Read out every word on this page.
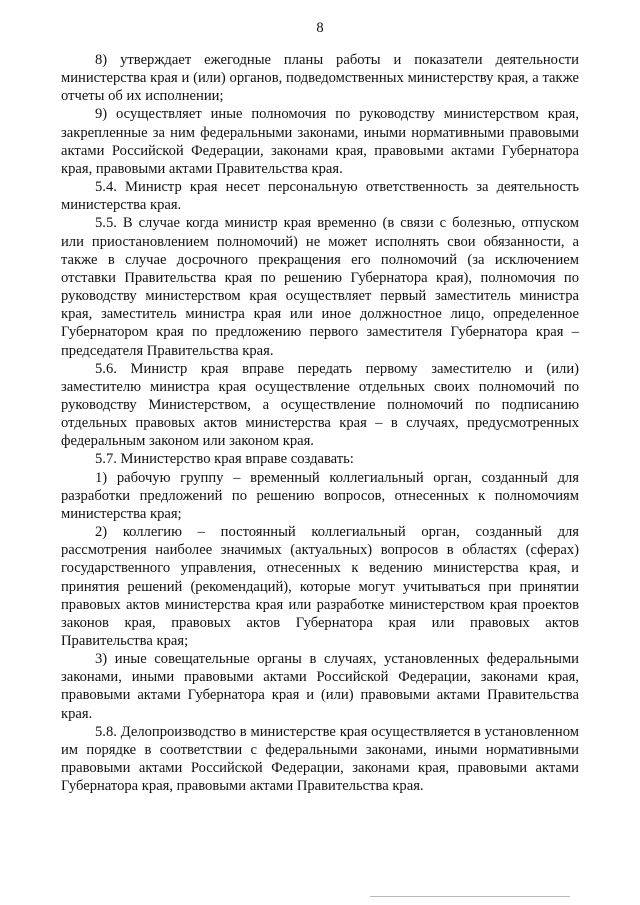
8

8) утверждает ежегодные планы работы и показатели деятельности министерства края и (или) органов, подведомственных министерству края, а также отчеты об их исполнении;

9) осуществляет иные полномочия по руководству министерством края, закрепленные за ним федеральными законами, иными нормативными правовыми актами Российской Федерации, законами края, правовыми актами Губернатора края, правовыми актами Правительства края.

5.4. Министр края несет персональную ответственность за деятельность министерства края.

5.5. В случае когда министр края временно (в связи с болезнью, отпуском или приостановлением полномочий) не может исполнять свои обязанности, а также в случае досрочного прекращения его полномочий (за исключением отставки Правительства края по решению Губернатора края), полномочия по руководству министерством края осуществляет первый заместитель министра края, заместитель министра края или иное должностное лицо, определенное Губернатором края по предложению первого заместителя Губернатора края – председателя Правительства края.

5.6. Министр края вправе передать первому заместителю и (или) заместителю министра края осуществление отдельных своих полномочий по руководству Министерством, а осуществление полномочий по подписанию отдельных правовых актов министерства края – в случаях, предусмотренных федеральным законом или законом края.

5.7. Министерство края вправе создавать:

1) рабочую группу – временный коллегиальный орган, созданный для разработки предложений по решению вопросов, отнесенных к полномочиям министерства края;

2) коллегию – постоянный коллегиальный орган, созданный для рассмотрения наиболее значимых (актуальных) вопросов в областях (сферах) государственного управления, отнесенных к ведению министерства края, и принятия решений (рекомендаций), которые могут учитываться при принятии правовых актов министерства края или разработке министерством края проектов законов края, правовых актов Губернатора края или правовых актов Правительства края;

3) иные совещательные органы в случаях, установленных федеральными законами, иными правовыми актами Российской Федерации, законами края, правовыми актами Губернатора края и (или) правовыми актами Правительства края.

5.8. Делопроизводство в министерстве края осуществляется в установленном им порядке в соответствии с федеральными законами, иными нормативными правовыми актами Российской Федерации, законами края, правовыми актами Губернатора края, правовыми актами Правительства края.
